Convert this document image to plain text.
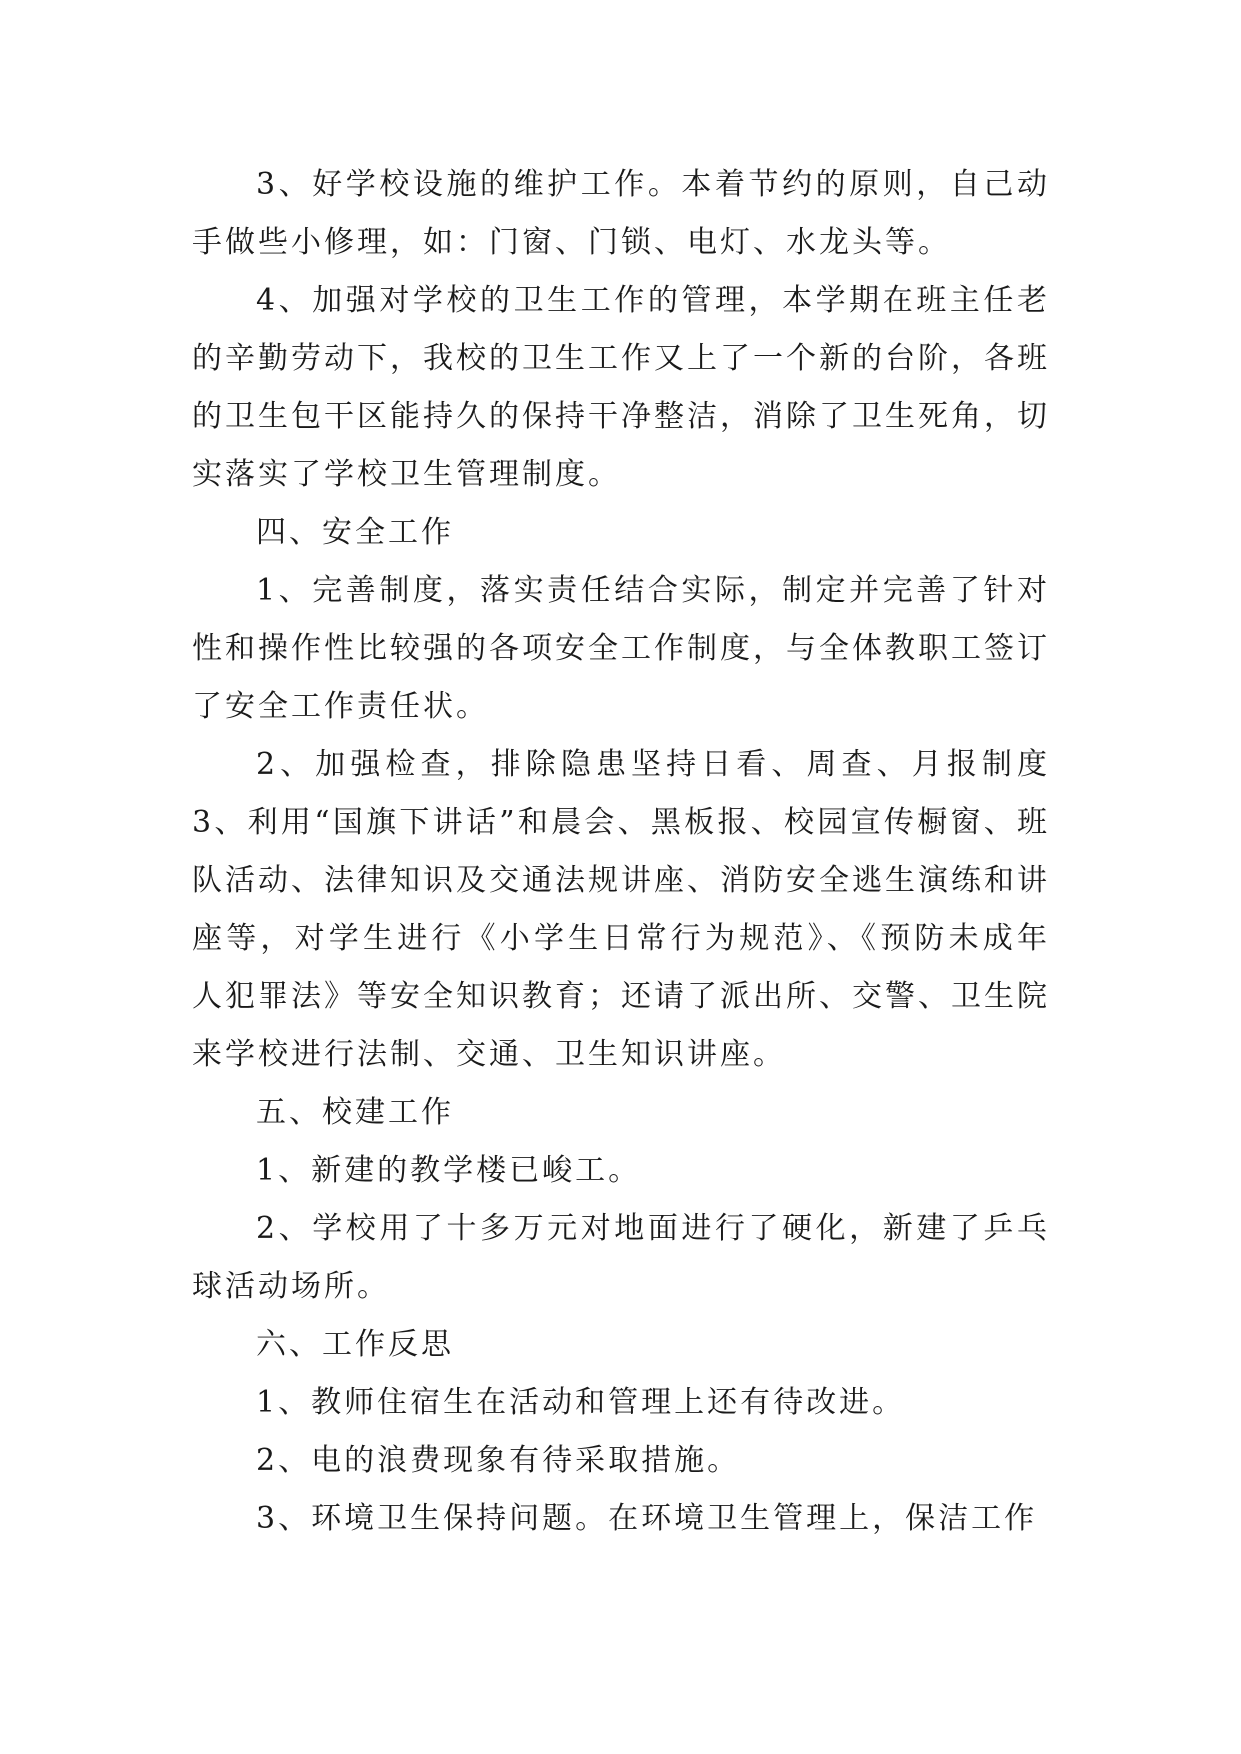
3、好学校设施的维护工作。本着节约的原则，自己动手做些小修理，如：门窗、门锁、电灯、水龙头等。

4、加强对学校的卫生工作的管理，本学期在班主任老的辛勤劳动下，我校的卫生工作又上了一个新的台阶，各班的卫生包干区能持久的保持干净整洁，消除了卫生死角，切实落实了学校卫生管理制度。

四、安全工作

1、完善制度，落实责任结合实际，制定并完善了针对性和操作性比较强的各项安全工作制度，与全体教职工签订了安全工作责任状。

2、加强检查，排除隐患坚持日看、周查、月报制度3、利用“国旗下讲话”和晨会、黑板报、校园宣传橱窗、班队活动、法律知识及交通法规讲座、消防安全逃生演练和讲座等，对学生进行《小学生日常行为规范》、《预防未成年人犯罪法》等安全知识教育；还请了派出所、交警、卫生院来学校进行法制、交通、卫生知识讲座。

五、校建工作

1、新建的教学楼已峻工。

2、学校用了十多万元对地面进行了硬化，新建了乒乓球活动场所。

六、工作反思

1、教师住宿生在活动和管理上还有待改进。

2、电的浪费现象有待采取措施。

3、环境卫生保持问题。在环境卫生管理上，保洁工作
